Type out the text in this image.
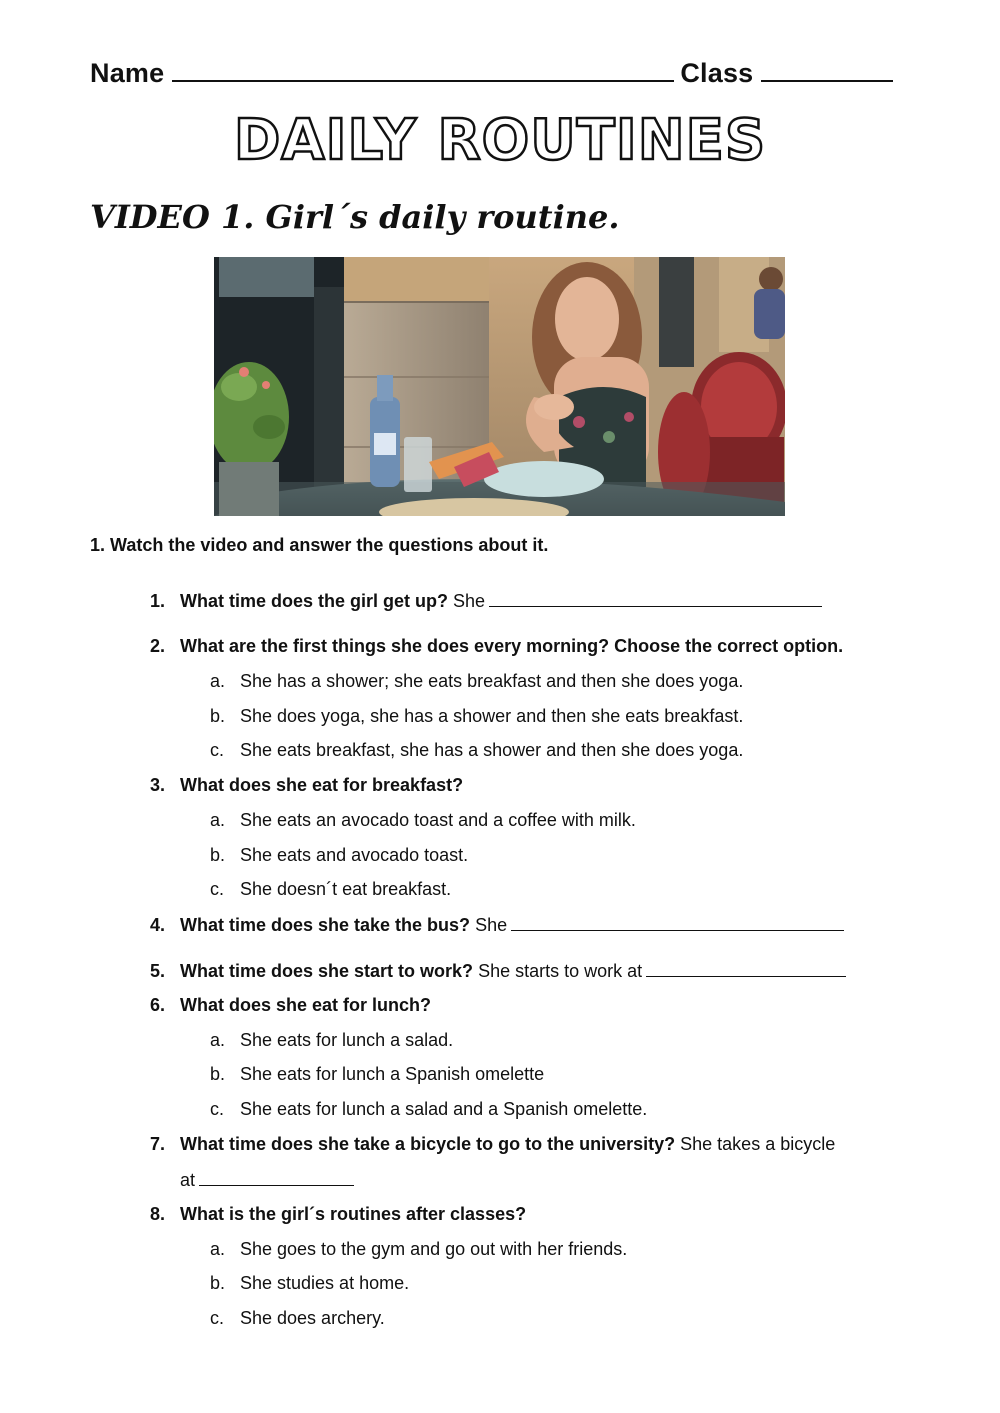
Name	Class
DAILY ROUTINES
VIDEO 1. Girl´s daily routine.
1. Watch the video and answer the questions about it.
1. What time does the girl get up? She
2. What are the first things she does every morning? Choose the correct option.
a. She has a shower; she eats breakfast and then she does yoga.
b. She does yoga, she has a shower and then she eats breakfast.
c. She eats breakfast, she has a shower and then she does yoga.
3. What does she eat for breakfast?
a. She eats an avocado toast and a coffee with milk.
b. She eats and avocado toast.
c. She doesn´t eat breakfast.
4. What time does she take the bus? She
5. What time does she start to work? She starts to work at
6. What does she eat for lunch?
a. She eats for lunch a salad.
b. She eats for lunch a Spanish omelette
c. She eats for lunch a salad and a Spanish omelette.
7. What time does she take a bicycle to go to the university? She takes a bicycle
at
8. What is the girl´s routines after classes?
a. She goes to the gym and go out with her friends.
b. She studies at home.
c. She does archery.
